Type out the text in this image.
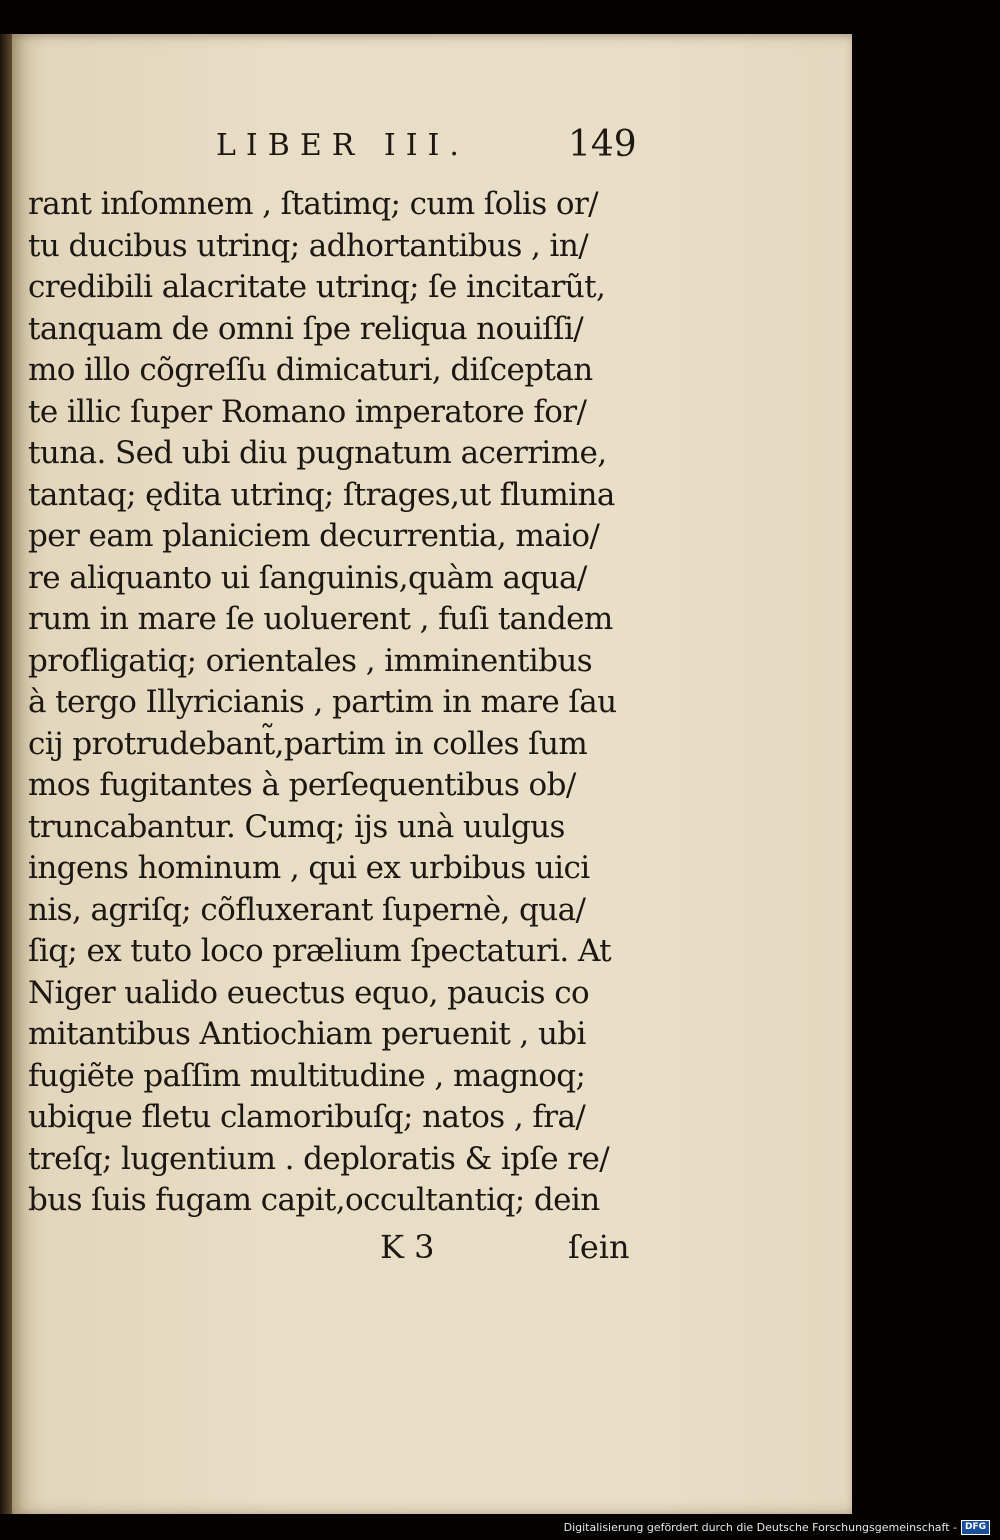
LIBER III.	149
rant inſomnem , ſtatimq; cum ſolis or/
tu ducibus utrinq; adhortantibus , in/
credibili alacritate utrinq; ſe incitarũt,
tanquam de omni ſpe reliqua nouiſſi/
mo illo cõgreſſu dimicaturi, diſceptan
te illic ſuper Romano imperatore for/
tuna. Sed ubi diu pugnatum acerrime,
tantaq; ędita utrinq; ſtrages,ut flumina
per eam planiciem decurrentia, maio/
re aliquanto ui ſanguinis,quàm aqua/
rum in mare ſe uoluerent , fuſi tandem
profligatiq; orientales , imminentibus
à tergo Illyricianis , partim in mare ſau
cij protrudebant̃,partim in colles ſum
mos fugitantes à perſequentibus ob/
truncabantur. Cumq; ijs unà uulgus
ingens hominum , qui ex urbibus uici
nis, agriſq; cõfluxerant ſupernè, qua/
ſiq; ex tuto loco prælium ſpectaturi. At
Niger ualido euectus equo, paucis co
mitantibus Antiochiam peruenit , ubi
fugiẽte paſſim multitudine , magnoq;
ubique fletu clamoribuſq; natos , fra/
treſq; lugentium . deploratis & ipſe re/
bus ſuis fugam capit,occultantiq; dein
K 3	ſein
Digitalisierung gefördert durch die Deutsche Forschungsgemeinschaft - DFG
